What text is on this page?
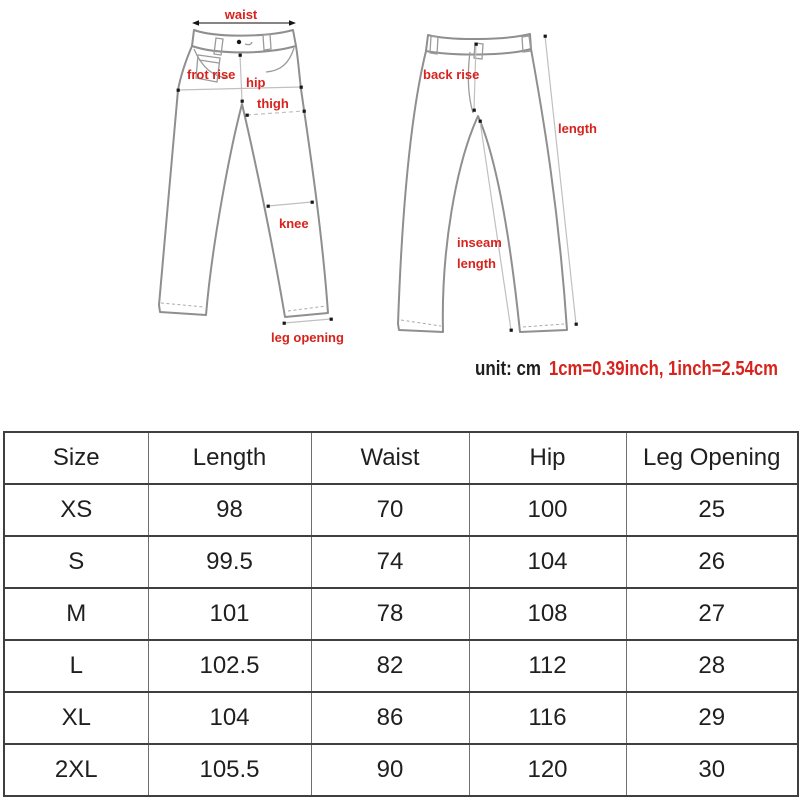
waist
frot rise
hip
thigh
knee
leg opening
back rise
length
inseam
length
unit: cm 1cm=0.39inch, 1inch=2.54cm
Size	Length	Waist	Hip	Leg Opening
XS	98	70	100	25
S	99.5	74	104	26
M	101	78	108	27
L	102.5	82	112	28
XL	104	86	116	29
2XL	105.5	90	120	30
